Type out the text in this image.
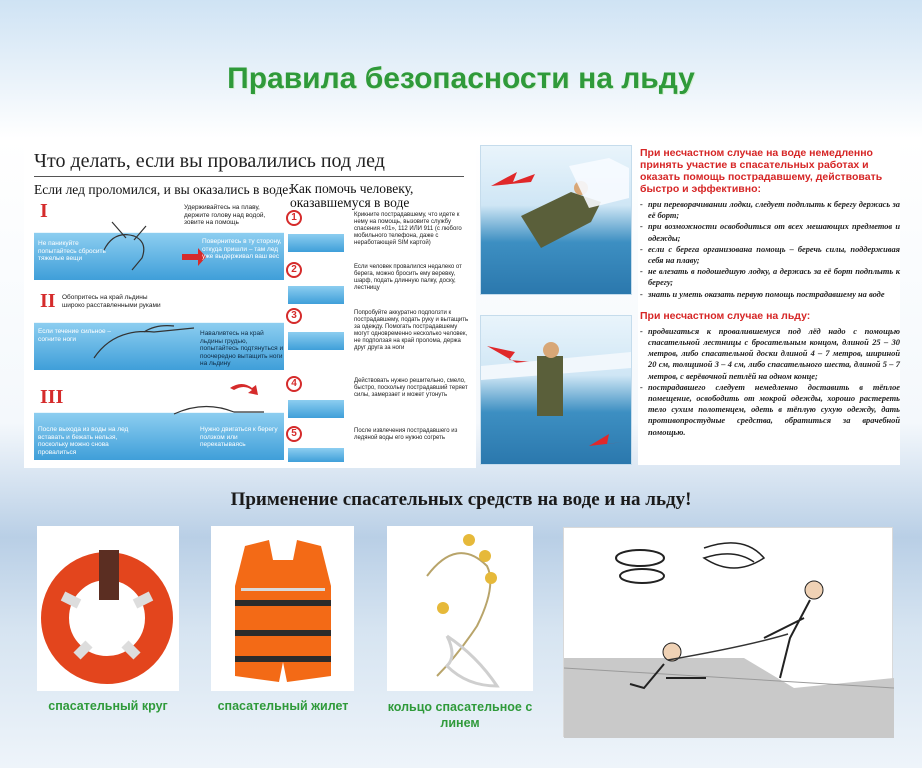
Правила безопасности на льду
Что делать, если вы провалились под лед
Если лед проломился, и вы оказались в воде:
Как помочь человеку, оказавшемуся в воде
I	Удерживайтесь на плаву, держите голову над водой, зовите на помощь
Не паникуйте попытайтесь сбросить тяжелые вещи
Повернитесь в ту сторону, откуда пришли – там лед уже выдерживал ваш вес
II Обопритесь на край льдины широко расставленными руками
Если течение сильное – согните ноги
Наваливтесь на край льдины грудью, попытайтесь подтянуться и поочередно вытащить ноги на льдину
III
После выхода из воды на лед вставать и бежать нельзя, поскольку можно снова провалиться
Нужно двигаться к берегу ползком или перекатываясь
1	Крикните пострадавшему, что идете к нему на помощь, вызовите службу спасения «01», 112 ИЛИ 911 (с любого мобильного телефона, даже с неработающей SIM картой)
2	Если человек провалился недалеко от берега, можно бросить ему веревку, шарф, подать длинную палку, доску, лестницу
3	Попробуйте аккуратно подползти к пострадавшему, подать руку и вытащить за одежду. Помогать пострадавшему могут одновременно несколько человек, не подползая на край пролома, держа друг друга за ноги
4	Действовать нужно решительно, смело, быстро, поскольку пострадавший теряет силы, замерзает и может утонуть
5	После извлечения пострадавшего из ледяной воды его нужно согреть
При несчастном случае на воде немедленно принять участие в спасательных работах и оказать помощь пострадавшему, действовать быстро и эффективно:
- при переворачивании лодки, следует подплыть к берегу держась за её борт;
- при возможности освободиться от всех мешающих предметов и одежды;
- если с берега организована помощь – беречь силы, поддерживая себя на плаву;
- не влезать в подошедшую лодку, а держась за её борт подплыть к берегу;
- знать и уметь оказать первую помощь пострадавшему на воде
При несчастном случае на льду:
- продвигаться к провалившемуся под лёд надо с помощью спасательной лестницы с бросательным концом, длиной 25 – 30 метров, либо спасательной доски длиной 4 – 7 метров, шириной 20 см, толщиной 3 – 4 см, либо спасательного шеста, длиной 5 – 7 метров, с верёвочной петлёй на одном конце;
- пострадавшего следует немедленно доставить в тёплое помещение, освободить от мокрой одежды, хорошо растереть тело сухим полотенцем, одеть в тёплую сухую одежду, дать противопростудные средства, обратиться за врачебной помощью.
Применение спасательных средств на воде и на льду!
спасательный круг	спасательный жилет	кольцо спасательное с линем
